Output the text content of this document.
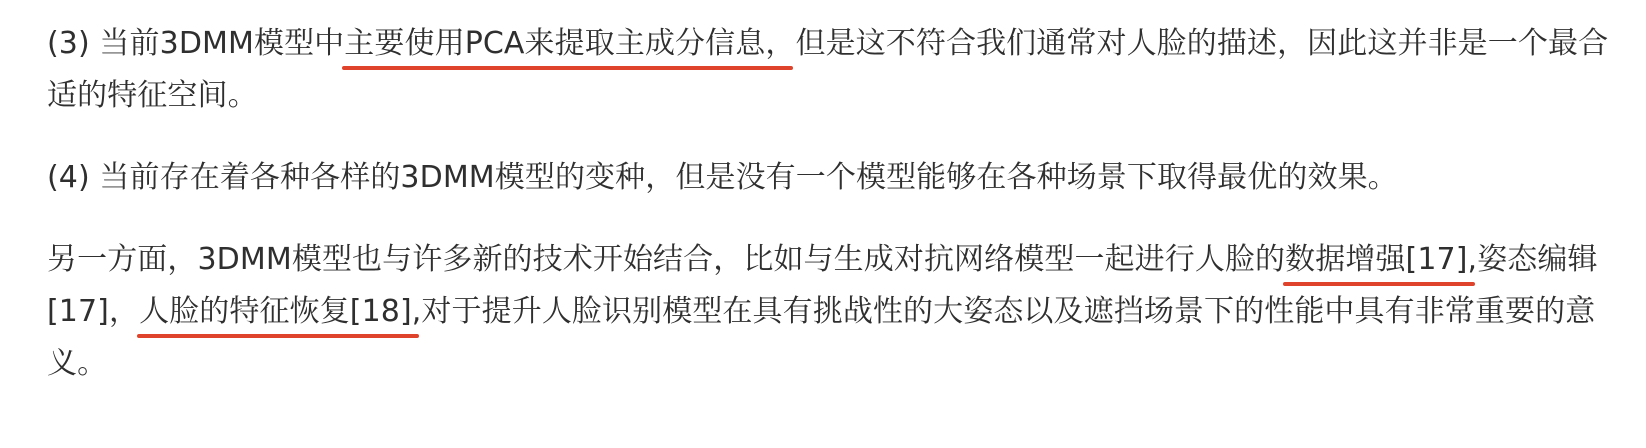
(3) 当前3DMM模型中主要使用PCA来提取主成分信息，但是这不符合我们通常对人脸的描述，因此这并非是一个最合适的特征空间。

(4) 当前存在着各种各样的3DMM模型的变种，但是没有一个模型能够在各种场景下取得最优的效果。

另一方面，3DMM模型也与许多新的技术开始结合，比如与生成对抗网络模型一起进行人脸的数据增强[17],姿态编辑[17]，人脸的特征恢复[18],对于提升人脸识别模型在具有挑战性的大姿态以及遮挡场景下的性能中具有非常重要的意义。
